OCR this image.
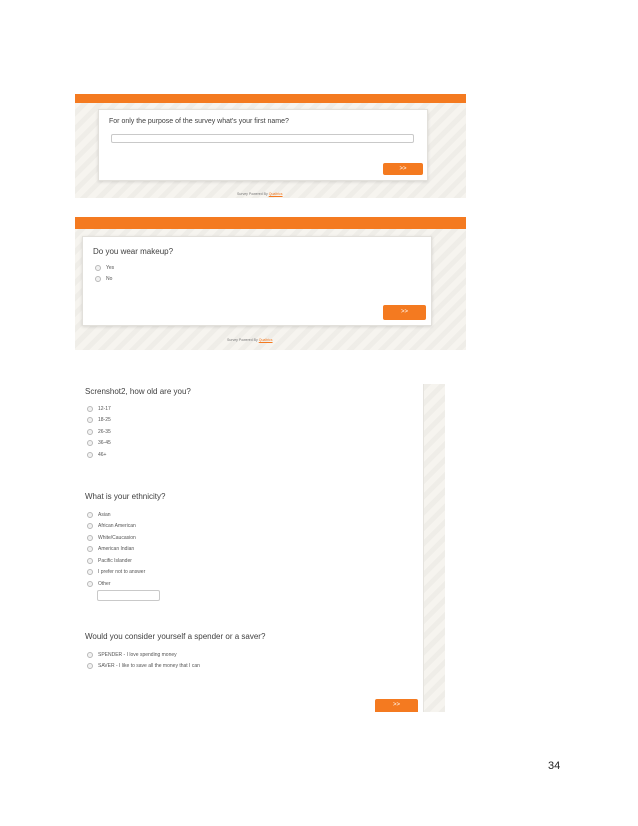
For only the purpose of the survey what's your first name?
>>
Survey Powered By Qualtrics
Do you wear makeup?
Yes
No
>>
Survey Powered By Qualtrics
Screnshot2, how old are you?
12-17
18-25
26-35
36-45
46+
What is your ethnicity?
Asian
African American
White/Caucasion
American Indian
Pacific Islander
I prefer not to answer
Other
Would you consider yourself a spender or a saver?
SPENDER - I love spending money
SAVER - I like to save all the money that I can
>>
34
